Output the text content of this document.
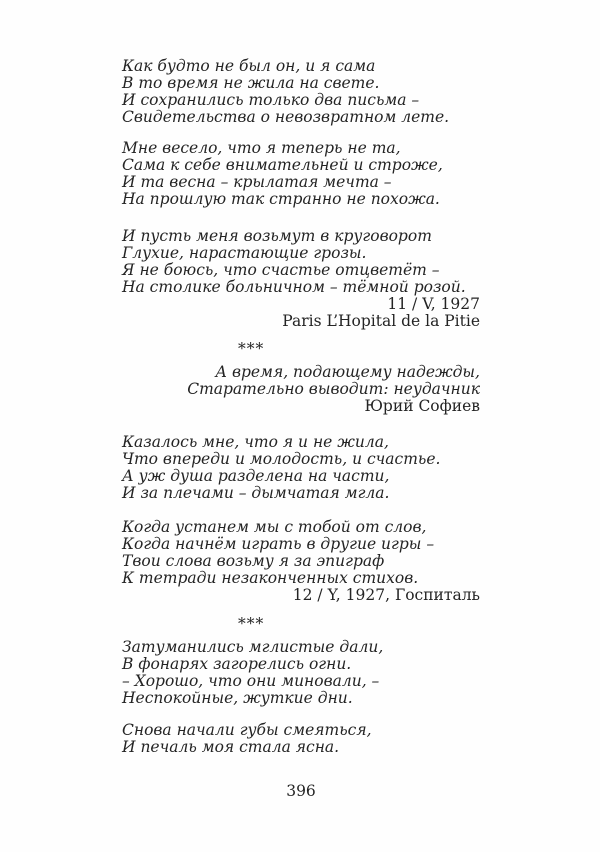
Как будто не был он, и я сама
В то время не жила на свете.
И сохранились только два письма –
Свидетельства о невозвратном лете.
Мне весело, что я теперь не та,
Сама к себе внимательней и строже,
И та весна – крылатая мечта –
На прошлую так странно не похожа.
И пусть меня возьмут в круговорот
Глухие, нарастающие грозы.
Я не боюсь, что счастье отцветёт –
На столике больничном – тёмной розой.
11 / V, 1927
Paris L’Hopital de la Pitie
***
А время, подающему надежды,
Старательно выводит: неудачник
Юрий Софиев
Казалось мне, что я и не жила,
Что впереди и молодость, и счастье.
А уж душа разделена на части,
И за плечами – дымчатая мгла.
Когда устанем мы с тобой от слов,
Когда начнём играть в другие игры –
Твои слова возьму я за эпиграф
К тетради незаконченных стихов.
12 / Y, 1927, Госпиталь
***
Затуманились мглистые дали,
В фонарях загорелись огни.
– Хорошо, что они миновали, –
Неспокойные, жуткие дни.
Снова начали губы смеяться,
И печаль моя стала ясна.
396
